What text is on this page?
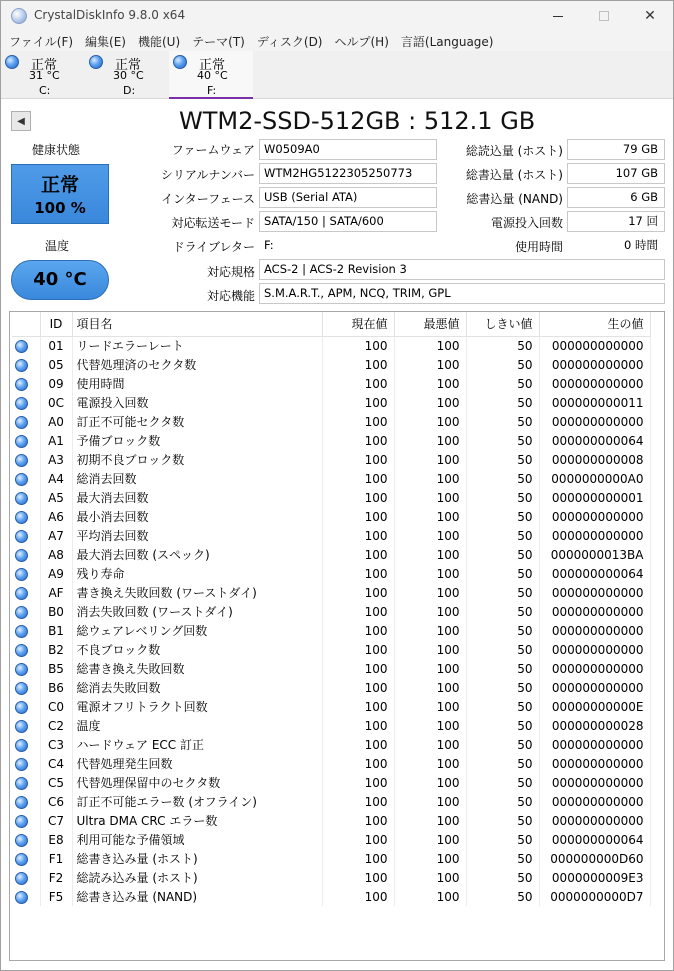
CrystalDiskInfo 9.8.0 x64	✕
ファイル(F) 編集(E) 機能(U) テーマ(T) ディスク(D) ヘルプ(H) 言語(Language)
正常
31 °C
C:
正常
30 °C
D:
正常
40 °C
F:
◀	WTM2-SSD-512GB : 512.1 GB
健康状態
正常
100 %
温度
40 °C
ファームウェア W0509A0
シリアルナンバー WTM2HG5122305250773
インターフェース USB (Serial ATA)
対応転送モード SATA/150 | SATA/600
ドライブレター F:
総読込量 (ホスト)	79 GB
総書込量 (ホスト)	107 GB
総書込量 (NAND)	6 GB
電源投入回数	17 回
使用時間	0 時間
対応規格 ACS-2 | ACS-2 Revision 3
対応機能 S.M.A.R.T., APM, NCQ, TRIM, GPL
	ID	項目名	現在値	最悪値	しきい値	生の値
	01	リードエラーレート	100	100	50	000000000000
	05	代替処理済のセクタ数	100	100	50	000000000000
	09	使用時間	100	100	50	000000000000
	0C	電源投入回数	100	100	50	000000000011
	A0	訂正不可能セクタ数	100	100	50	000000000000
	A1	予備ブロック数	100	100	50	000000000064
	A3	初期不良ブロック数	100	100	50	000000000008
	A4	総消去回数	100	100	50	0000000000A0
	A5	最大消去回数	100	100	50	000000000001
	A6	最小消去回数	100	100	50	000000000000
	A7	平均消去回数	100	100	50	000000000000
	A8	最大消去回数 (スペック)	100	100	50	0000000013BA
	A9	残り寿命	100	100	50	000000000064
	AF	書き換え失敗回数 (ワーストダイ)	100	100	50	000000000000
	B0	消去失敗回数 (ワーストダイ)	100	100	50	000000000000
	B1	総ウェアレベリング回数	100	100	50	000000000000
	B2	不良ブロック数	100	100	50	000000000000
	B5	総書き換え失敗回数	100	100	50	000000000000
	B6	総消去失敗回数	100	100	50	000000000000
	C0	電源オフリトラクト回数	100	100	50	00000000000E
	C2	温度	100	100	50	000000000028
	C3	ハードウェア ECC 訂正	100	100	50	000000000000
	C4	代替処理発生回数	100	100	50	000000000000
	C5	代替処理保留中のセクタ数	100	100	50	000000000000
	C6	訂正不可能エラー数 (オフライン)	100	100	50	000000000000
	C7	Ultra DMA CRC エラー数	100	100	50	000000000000
	E8	利用可能な予備領域	100	100	50	000000000064
	F1	総書き込み量 (ホスト)	100	100	50	000000000D60
	F2	総読み込み量 (ホスト)	100	100	50	0000000009E3
	F5	総書き込み量 (NAND)	100	100	50	0000000000D7
